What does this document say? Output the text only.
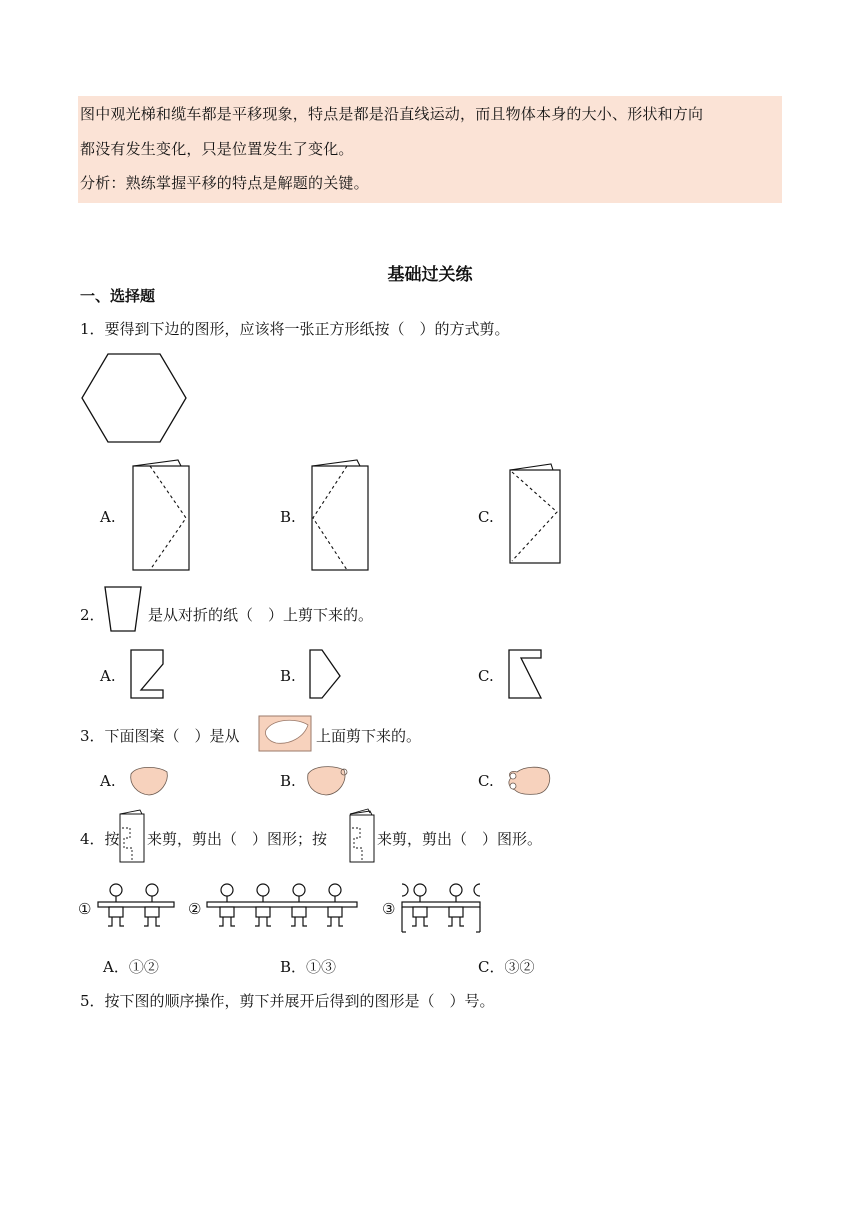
图中观光梯和缆车都是平移现象，特点是都是沿直线运动，而且物体本身的大小、形状和方向
都没有发生变化，只是位置发生了变化。
分析：熟练掌握平移的特点是解题的关键。
基础过关练
一、选择题
1．要得到下边的图形，应该将一张正方形纸按（　）的方式剪。
A.	B.	C.
2．	是从对折的纸（　）上剪下来的。
A.	B.	C.
3．下面图案（　）是从	上面剪下来的。
A.	B.	C.
4．按 来剪，剪出（　）图形；按	来剪，剪出（　）图形。
①	②	③
A．①②	B．①③	C．③②
5．按下图的顺序操作，剪下并展开后得到的图形是（　）号。
